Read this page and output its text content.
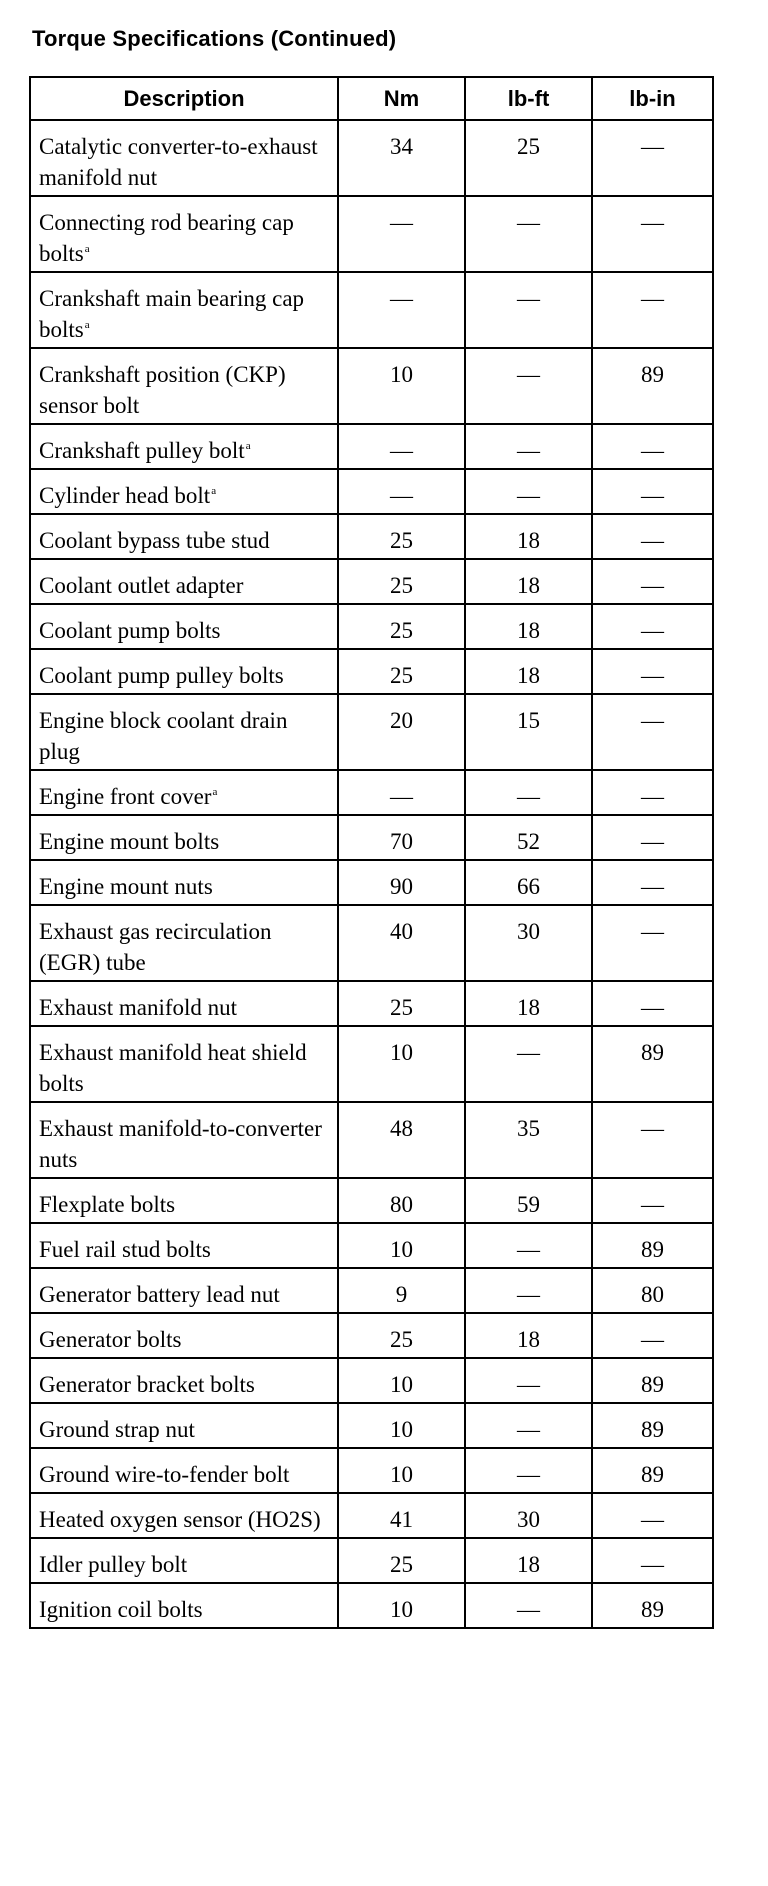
Torque Specifications (Continued)
Description	Nm	lb-ft	lb-in
Catalytic converter-to-exhaust manifold nut	34	25	—
Connecting rod bearing cap bolts$^a$	—	—	—
Crankshaft main bearing cap bolts$^a$	—	—	—
Crankshaft position (CKP) sensor bolt	10	—	89
Crankshaft pulley bolt$^a$	—	—	—
Cylinder head bolt$^a$	—	—	—
Coolant bypass tube stud	25	18	—
Coolant outlet adapter	25	18	—
Coolant pump bolts	25	18	—
Coolant pump pulley bolts	25	18	—
Engine block coolant drain plug	20	15	—
Engine front cover$^a$	—	—	—
Engine mount bolts	70	52	—
Engine mount nuts	90	66	—
Exhaust gas recirculation (EGR) tube	40	30	—
Exhaust manifold nut	25	18	—
Exhaust manifold heat shield bolts	10	—	89
Exhaust manifold-to-converter nuts	48	35	—
Flexplate bolts	80	59	—
Fuel rail stud bolts	10	—	89
Generator battery lead nut	9	—	80
Generator bolts	25	18	—
Generator bracket bolts	10	—	89
Ground strap nut	10	—	89
Ground wire-to-fender bolt	10	—	89
Heated oxygen sensor (HO2S)	41	30	—
Idler pulley bolt	25	18	—
Ignition coil bolts	10	—	89
